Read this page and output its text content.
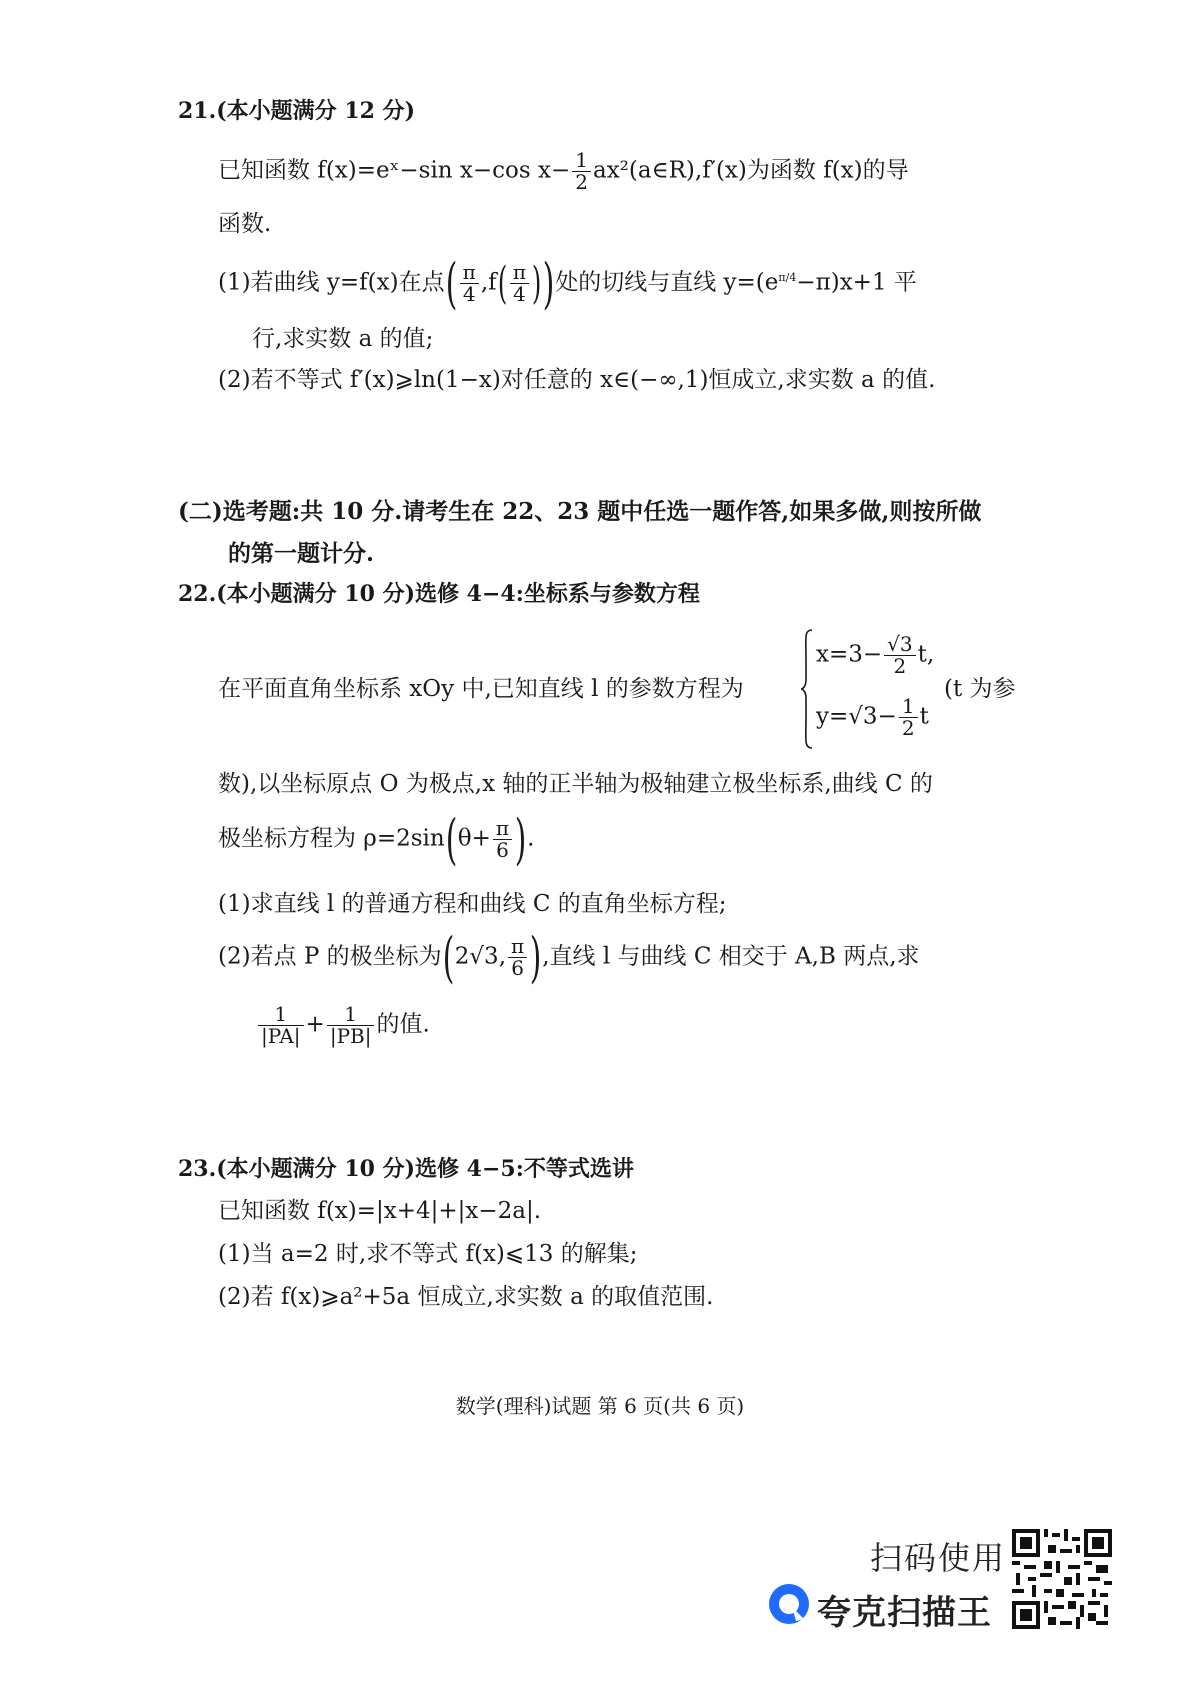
21.(本小题满分 12 分)
已知函数 f(x)=eˣ−sin x−cos $x- \frac{1}{2}$ ax²(a∈R),f′(x)为函数 f(x)的导
函数.
(1)若曲线 y=f(x)在点( $\frac{\pi}{4} ,f( \frac{\pi}{4}$ ))处的切线与直线 $y=(e^{\pi/4}-\pi)x+1$ 平
行,求实数 a 的值;
(2)若不等式 f′(x)⩾ln(1−x)对任意的 x∈(−∞,1)恒成立,求实数 a 的值.
(二)选考题:共 10 分.请考生在 22、23 题中任选一题作答,如果多做,则按所做
的第一题计分.
22.(本小题满分 10 分)选修 4−4:坐标系与参数方程
在平面直角坐标系 xOy 中,已知直线 l 的参数方程为
$x=3- \frac{√3}{2} t$,
$y=√3- \frac{1}{2}$ t
(t 为参
数),以坐标原点 O 为极点,x 轴的正半轴为极轴建立极坐标系,曲线 C 的
极坐标方程为 $\rho=2\sin(\theta+ \frac{\pi}{6}$ ).
(1)求直线 l 的普通方程和曲线 C 的直角坐标方程;
(2)若点 P 的极坐标为(2√3, $\frac{\pi}{6}$ ),直线 l 与曲线 C 相交于 A,B 两点,求
$\frac{1}{|PA|} + \frac{1}{|PB|}$ 的值.
23.(本小题满分 10 分)选修 4−5:不等式选讲
已知函数 f(x)=|x+4|+|x−2a|.
(1)当 a=2 时,求不等式 f(x)⩽13 的解集;
(2)若 f(x)⩾a²+5a 恒成立,求实数 a 的取值范围.
数学(理科)试题 第 6 页(共 6 页)
扫码使用
夸克扫描王
